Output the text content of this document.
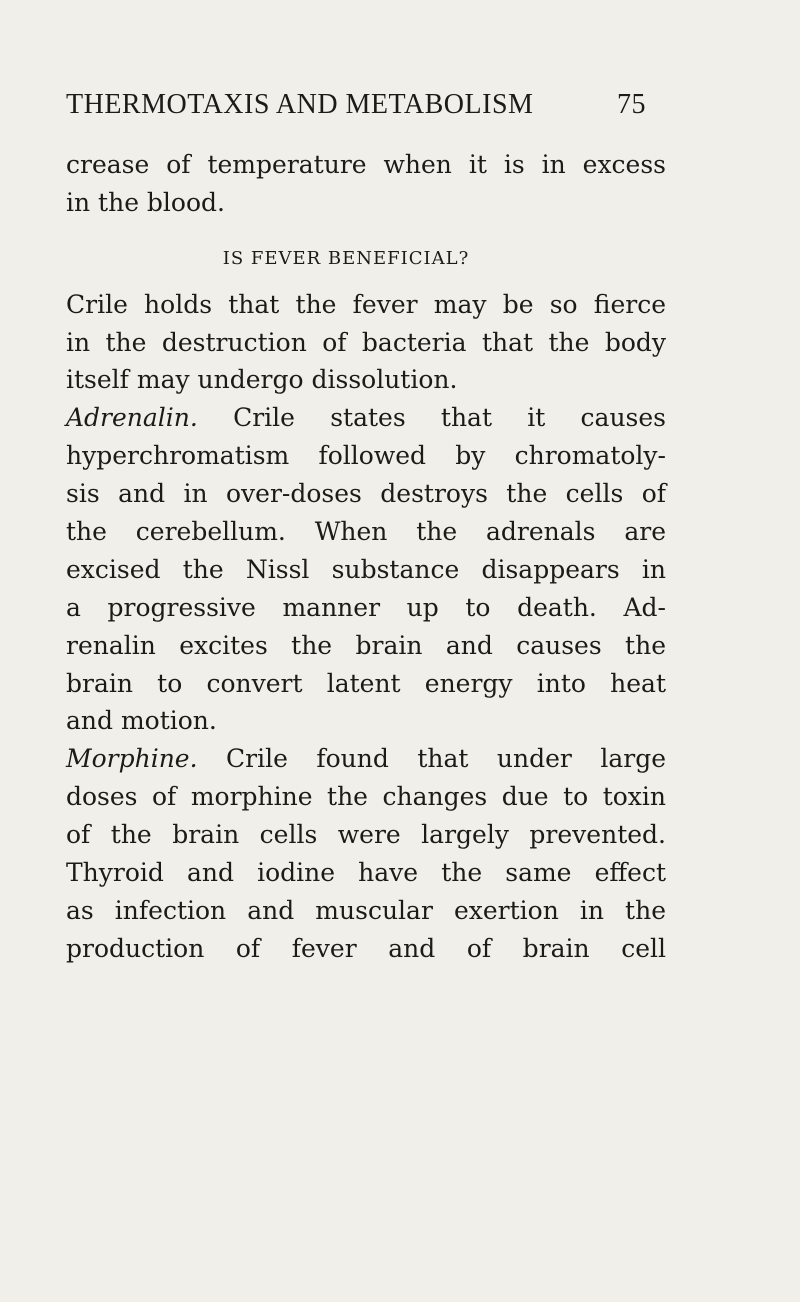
THERMOTAXIS AND METABOLISM	75
crease of temperature when it is in excess
in the blood.
IS FEVER BENEFICIAL?
Crile holds that the fever may be so fierce
in the destruction of bacteria that the body
itself may undergo dissolution.
Adrenalin. Crile states that it causes
hyperchromatism followed by chromatoly-
sis and in over-doses destroys the cells of
the cerebellum. When the adrenals are
excised the Nissl substance disappears in
a progressive manner up to death. Ad-
renalin excites the brain and causes the
brain to convert latent energy into heat
and motion.
Morphine. Crile found that under large
doses of morphine the changes due to toxin
of the brain cells were largely prevented.
Thyroid and iodine have the same effect
as infection and muscular exertion in the
production of fever and of brain cell
